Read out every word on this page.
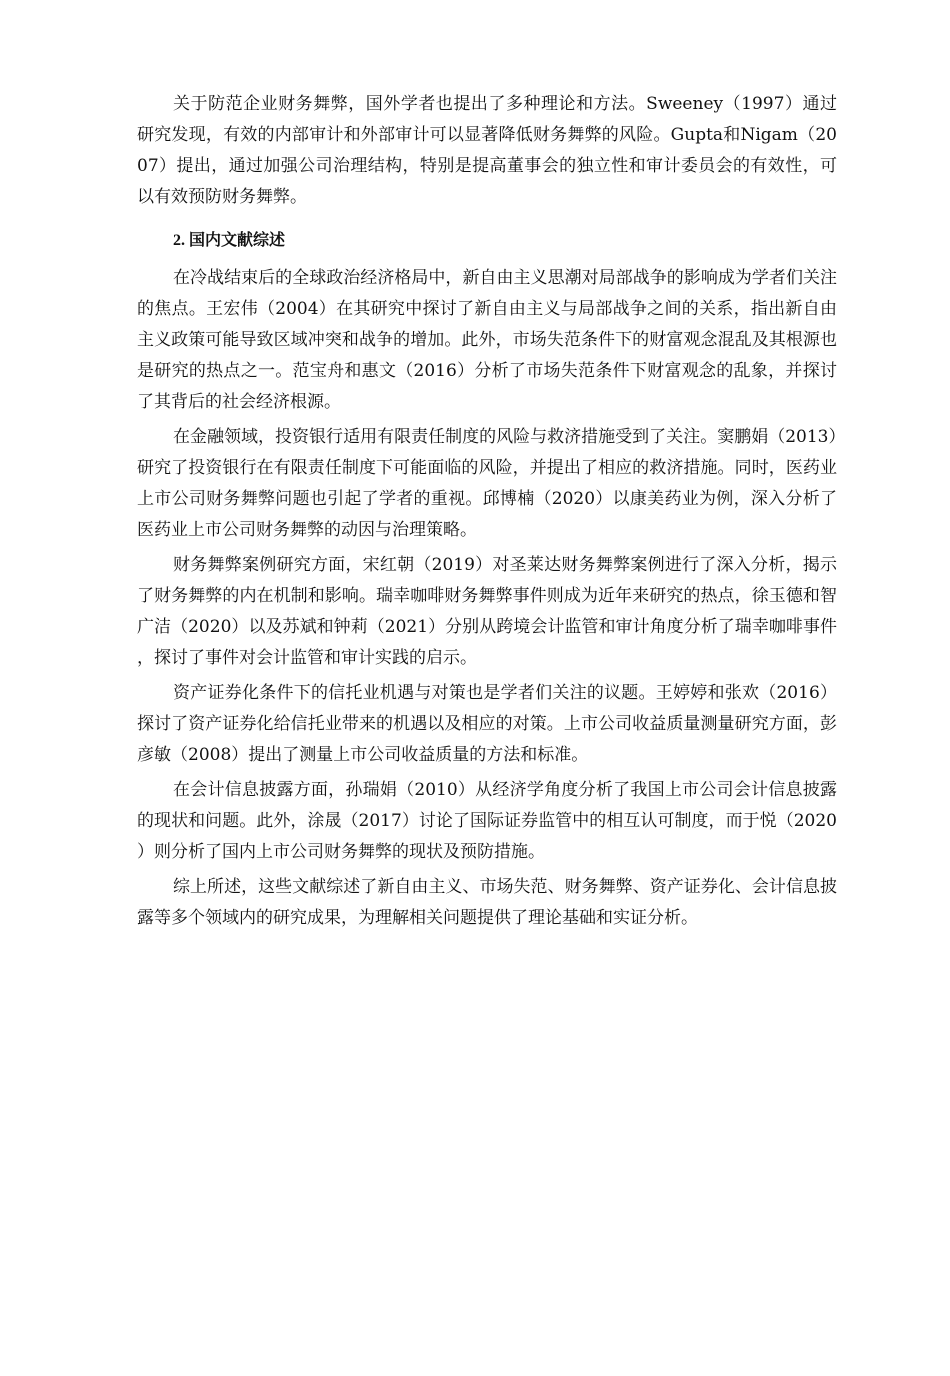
关于防范企业财务舞弊，国外学者也提出了多种理论和方法。Sweeney（1997）通过研究发现，有效的内部审计和外部审计可以显著降低财务舞弊的风险。Gupta和Nigam（2007）提出，通过加强公司治理结构，特别是提高董事会的独立性和审计委员会的有效性，可以有效预防财务舞弊。

2. 国内文献综述

在冷战结束后的全球政治经济格局中，新自由主义思潮对局部战争的影响成为学者们关注的焦点。王宏伟（2004）在其研究中探讨了新自由主义与局部战争之间的关系，指出新自由主义政策可能导致区域冲突和战争的增加。此外，市场失范条件下的财富观念混乱及其根源也是研究的热点之一。范宝舟和惠文（2016）分析了市场失范条件下财富观念的乱象，并探讨了其背后的社会经济根源。

在金融领域，投资银行适用有限责任制度的风险与救济措施受到了关注。窦鹏娟（2013）研究了投资银行在有限责任制度下可能面临的风险，并提出了相应的救济措施。同时，医药业上市公司财务舞弊问题也引起了学者的重视。邱博楠（2020）以康美药业为例，深入分析了医药业上市公司财务舞弊的动因与治理策略。

财务舞弊案例研究方面，宋红朝（2019）对圣莱达财务舞弊案例进行了深入分析，揭示了财务舞弊的内在机制和影响。瑞幸咖啡财务舞弊事件则成为近年来研究的热点，徐玉德和智广洁（2020）以及苏斌和钟莉（2021）分别从跨境会计监管和审计角度分析了瑞幸咖啡事件，探讨了事件对会计监管和审计实践的启示。

资产证券化条件下的信托业机遇与对策也是学者们关注的议题。王婷婷和张欢（2016）探讨了资产证券化给信托业带来的机遇以及相应的对策。上市公司收益质量测量研究方面，彭彦敏（2008）提出了测量上市公司收益质量的方法和标准。

在会计信息披露方面，孙瑞娟（2010）从经济学角度分析了我国上市公司会计信息披露的现状和问题。此外，涂晟（2017）讨论了国际证券监管中的相互认可制度，而于悦（2020）则分析了国内上市公司财务舞弊的现状及预防措施。

综上所述，这些文献综述了新自由主义、市场失范、财务舞弊、资产证券化、会计信息披露等多个领域内的研究成果，为理解相关问题提供了理论基础和实证分析。
